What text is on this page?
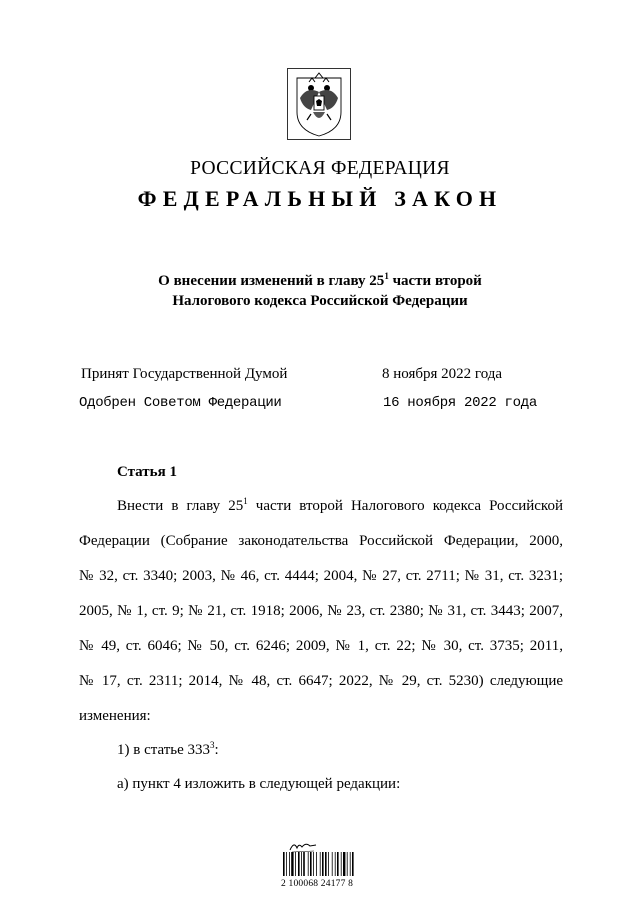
РОССИЙСКАЯ ФЕДЕРАЦИЯ
ФЕДЕРАЛЬНЫЙ ЗАКОН
О внесении изменений в главу $25^1$ части второй
Налогового кодекса Российской Федерации
Принят Государственной Думой	8 ноября 2022 года
Одобрен Советом Федерации	16 ноября 2022 года
Статья 1
Внести в главу $25^1$ части второй Налогового кодекса Российской
Федерации (Собрание законодательства Российской Федерации, 2000,
№ 32, ст. 3340; 2003, № 46, ст. 4444; 2004, № 27, ст. 2711; № 31, ст. 3231;
2005, № 1, ст. 9; № 21, ст. 1918; 2006, № 23, ст. 2380; № 31, ст. 3443; 2007,
№ 49, ст. 6046; № 50, ст. 6246; 2009, № 1, ст. 22; № 30, ст. 3735; 2011,
№ 17, ст. 2311; 2014, № 48, ст. 6647; 2022, № 29, ст. 5230) следующие
изменения:
1) в статье $333^3$:
а) пункт 4 изложить в следующей редакции:
2 100068 24177 8
